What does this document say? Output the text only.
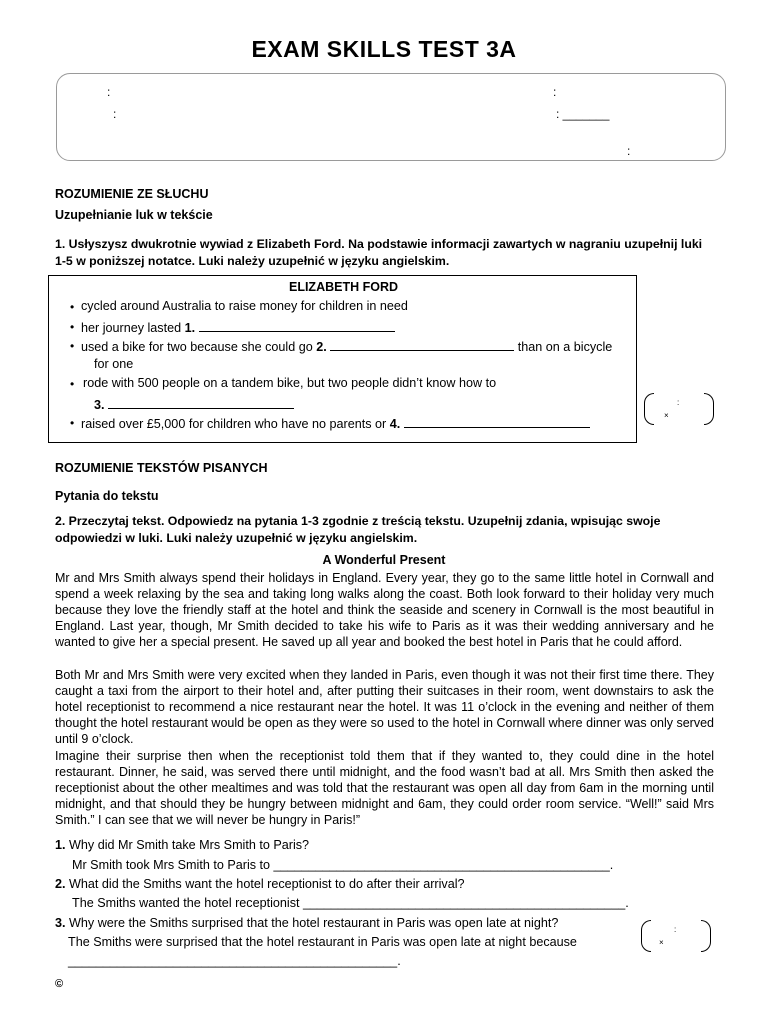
EXAM SKILLS TEST 3A
:
:
:
: _______
:
ROZUMIENIE ZE SŁUCHU
Uzupełnianie luk w tekście
1. Usłyszysz dwukrotnie wywiad z Elizabeth Ford. Na podstawie informacji zawartych w nagraniu uzupełnij luki
1-5 w poniższej notatce. Luki należy uzupełnić w języku angielskim.
ELIZABETH FORD
• cycled around Australia to raise money for children in need
• her journey lasted 1.
• used a bike for two because she could go 2.	than on a bicycle
for one
• rode with 500 people on a tandem bike, but two people didn’t know how to
3.
• raised over £5,000 for children who have no parents or 4.
:
×
ROZUMIENIE TEKSTÓW PISANYCH
Pytania do tekstu
2. Przeczytaj tekst. Odpowiedz na pytania 1-3 zgodnie z treścią tekstu. Uzupełnij zdania, wpisując swoje
odpowiedzi w luki. Luki należy uzupełnić w języku angielskim.
A Wonderful Present
Mr and Mrs Smith always spend their holidays in England. Every year, they go to the same little hotel in Cornwall and spend a week relaxing by the sea and taking long walks along the coast. Both look forward to their holiday very much because they love the friendly staff at the hotel and think the seaside and scenery in Cornwall is the most beautiful in England. Last year, though, Mr Smith decided to take his wife to Paris as it was their wedding anniversary and he wanted to give her a special present. He saved up all year and booked the best hotel in Paris that he could afford.
Both Mr and Mrs Smith were very excited when they landed in Paris, even though it was not their first time there. They caught a taxi from the airport to their hotel and, after putting their suitcases in their room, went downstairs to ask the hotel receptionist to recommend a nice restaurant near the hotel. It was 11 o’clock in the evening and neither of them thought the hotel restaurant would be open as they were so used to the hotel in Cornwall where dinner was only served until 9 o’clock.
Imagine their surprise then when the receptionist told them that if they wanted to, they could dine in the hotel restaurant. Dinner, he said, was served there until midnight, and the food wasn’t bad at all. Mrs Smith then asked the receptionist about the other mealtimes and was told that the restaurant was open all day from 6am in the morning until midnight, and that should they be hungry between midnight and 6am, they could order room service. “Well!” said Mrs Smith.” I can see that we will never be hungry in Paris!”
1. Why did Mr Smith take Mrs Smith to Paris?
Mr Smith took Mrs Smith to Paris to ________________________________________________.
2. What did the Smiths want the hotel receptionist to do after their arrival?
The Smiths wanted the hotel receptionist ______________________________________________.
3. Why were the Smiths surprised that the hotel restaurant in Paris was open late at night?
The Smiths were surprised that the hotel restaurant in Paris was open late at night because
_______________________________________________.
:
×
©
